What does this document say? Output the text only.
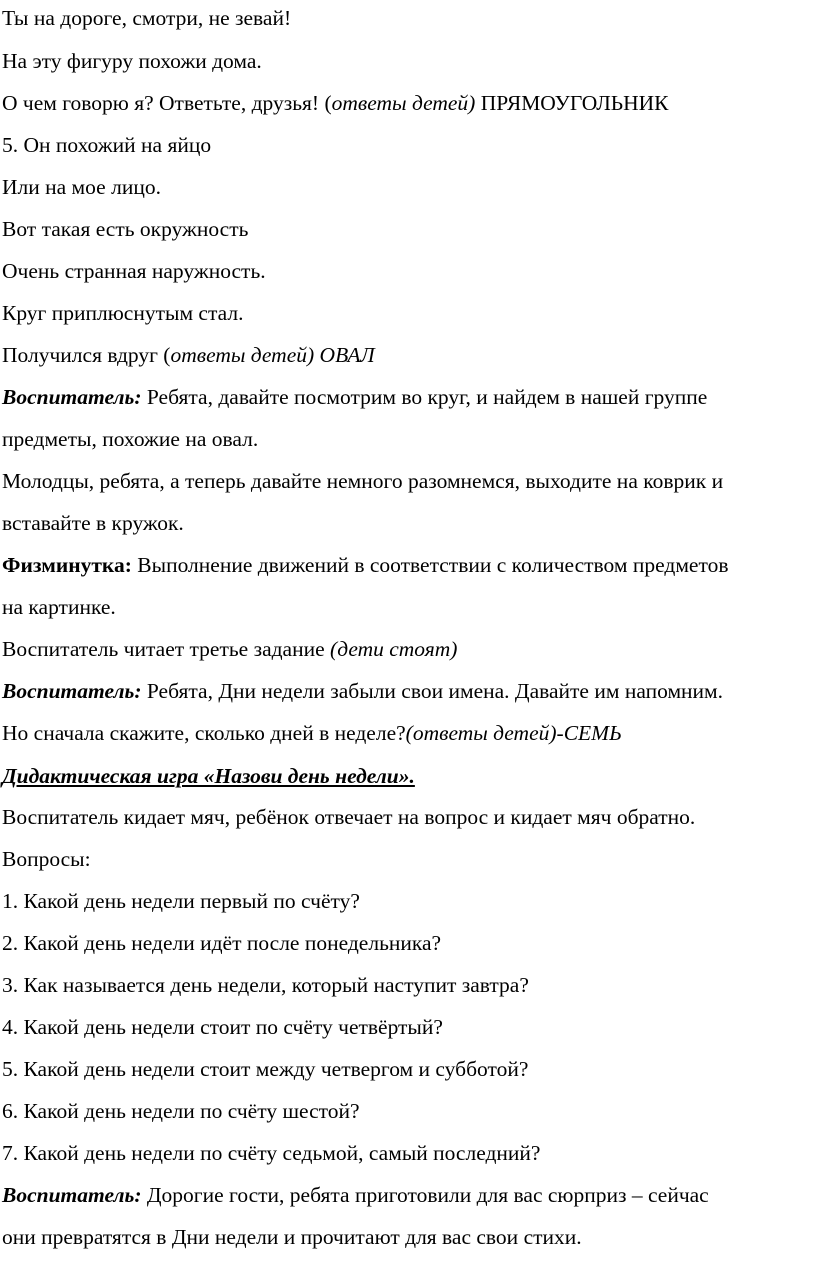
Ты на дороге, смотри, не зевай!
На эту фигуру похожи дома.
О чем говорю я? Ответьте, друзья! (ответы детей) ПРЯМОУГОЛЬНИК
5. Он похожий на яйцо
Или на мое лицо.
Вот такая есть окружность
Очень странная наружность.
Круг приплюснутым стал.
Получился вдруг (ответы детей) ОВАЛ
Воспитатель: Ребята, давайте посмотрим во круг, и найдем в нашей группе
предметы, похожие на овал.
Молодцы, ребята, а теперь давайте немного разомнемся, выходите на коврик и
вставайте в кружок.
Физминутка: Выполнение движений в соответствии с количеством предметов
на картинке.
Воспитатель читает третье задание (дети стоят)
Воспитатель: Ребята, Дни недели забыли свои имена. Давайте им напомним.
Но сначала скажите, сколько дней в неделе?(ответы детей)-СЕМЬ
Дидактическая игра «Назови день недели».
Воспитатель кидает мяч, ребёнок отвечает на вопрос и кидает мяч обратно.
Вопросы:
1. Какой день недели первый по счёту?
2. Какой день недели идёт после понедельника?
3. Как называется день недели, который наступит завтра?
4. Какой день недели стоит по счёту четвёртый?
5. Какой день недели стоит между четвергом и субботой?
6. Какой день недели по счёту шестой?
7. Какой день недели по счёту седьмой, самый последний?
Воспитатель: Дорогие гости, ребята приготовили для вас сюрприз – сейчас
они превратятся в Дни недели и прочитают для вас свои стихи.
